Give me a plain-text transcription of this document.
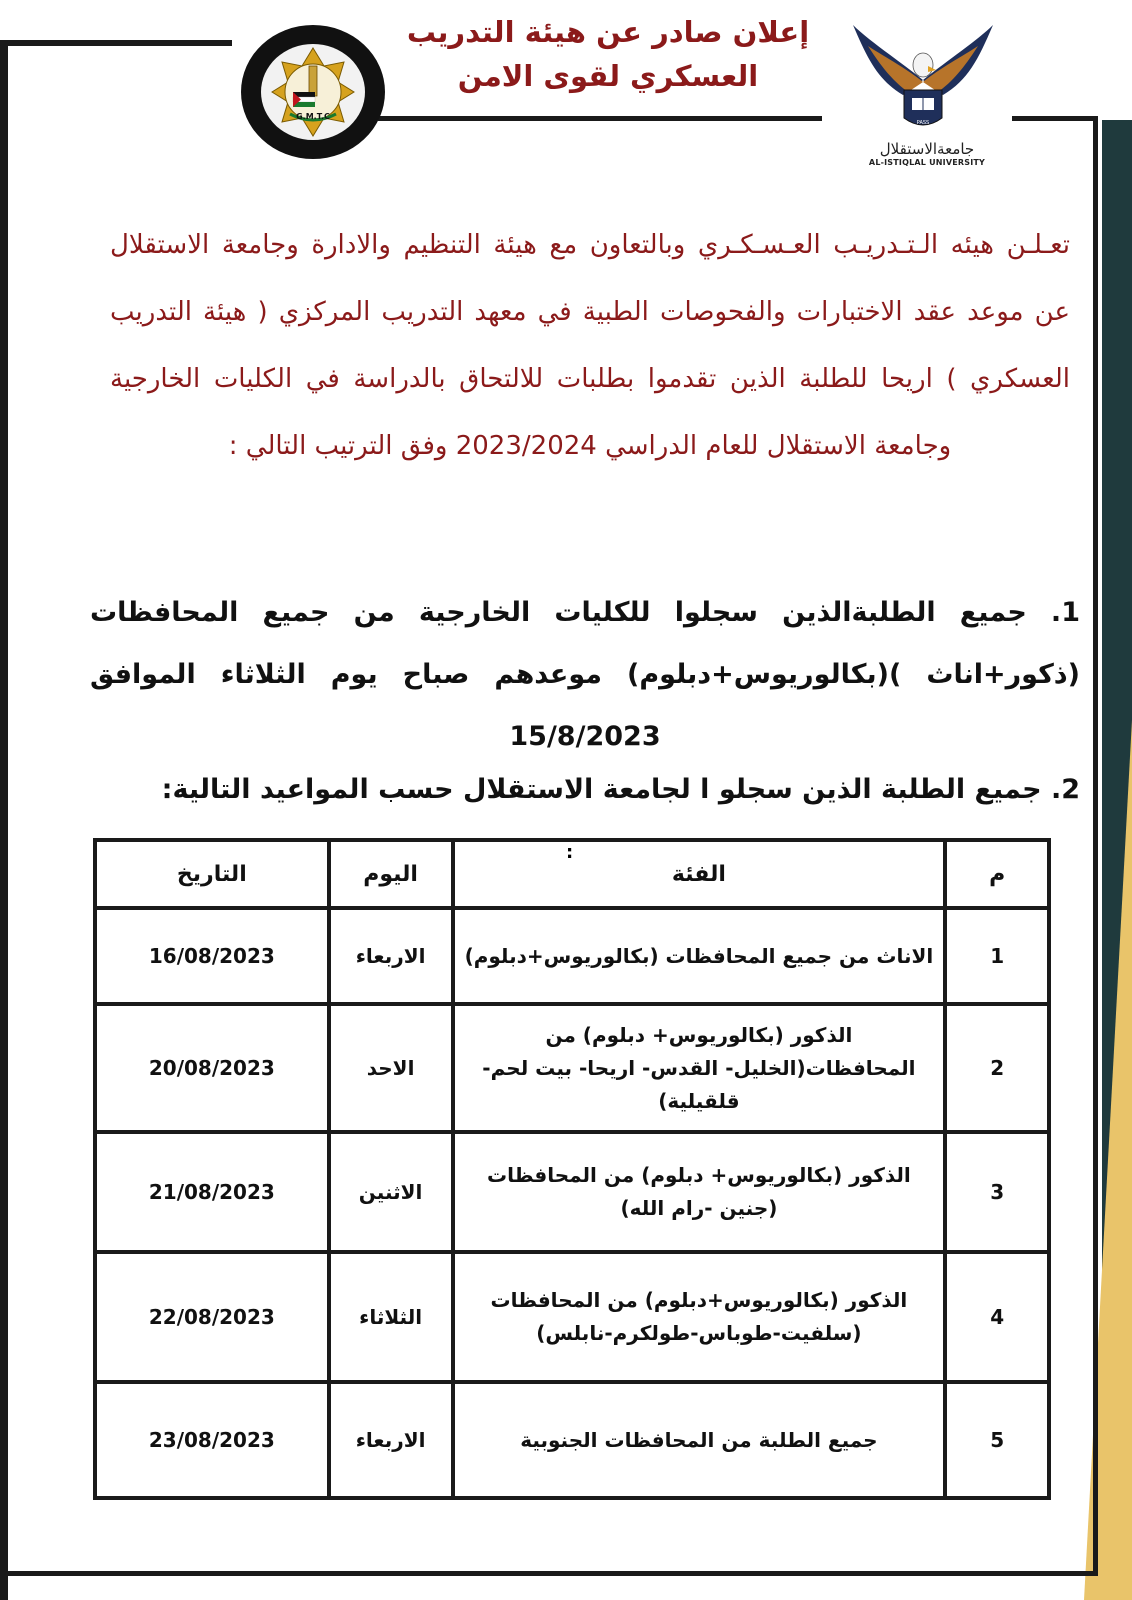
G.M.T.C
PASS
جامعةالاستقلال
AL-ISTIQLAL UNIVERSITY
إعلان صادر عن هيئة التدريب
العسكري لقوى الامن
تعـلـن هيئه الـتـدريـب العـسـكـري وبالتعاون مع هيئة التنظيم والادارة وجامعة الاستقلال عن موعد عقد الاختبارات والفحوصات الطبية في معهد التدريب المركزي ( هيئة التدريب العسكري ) اريحا للطلبة الذين تقدموا بطلبات للالتحاق بالدراسة في الكليات الخارجية وجامعة الاستقلال للعام الدراسي 2023/2024 وفق الترتيب التالي :
1. جميع الطلبةالذين سجلوا للكليات الخارجية من جميع المحافظات (ذكور+اناث )(بكالوريوس+دبلوم) موعدهم صباح يوم الثلاثاء الموافق 15/8/2023
2. جميع الطلبة الذين سجلو ا لجامعة الاستقلال حسب المواعيد التالية:
م	الفئة	اليوم	التاريخ
1	الاناث من جميع المحافظات (بكالوريوس+دبلوم)	الاربعاء	16/08/2023
2	الذكور (بكالوريوس+ دبلوم) من المحافظات(الخليل- القدس- اريحا- بيت لحم- قلقيلية)	الاحد	20/08/2023
3	الذكور (بكالوريوس+ دبلوم) من المحافظات (جنين -رام الله)	الاثنين	21/08/2023
4	الذكور (بكالوريوس+دبلوم) من المحافظات (سلفيت-طوباس-طولكرم-نابلس)	الثلاثاء	22/08/2023
5	جميع الطلبة من المحافظات الجنوبية	الاربعاء	23/08/2023
:
